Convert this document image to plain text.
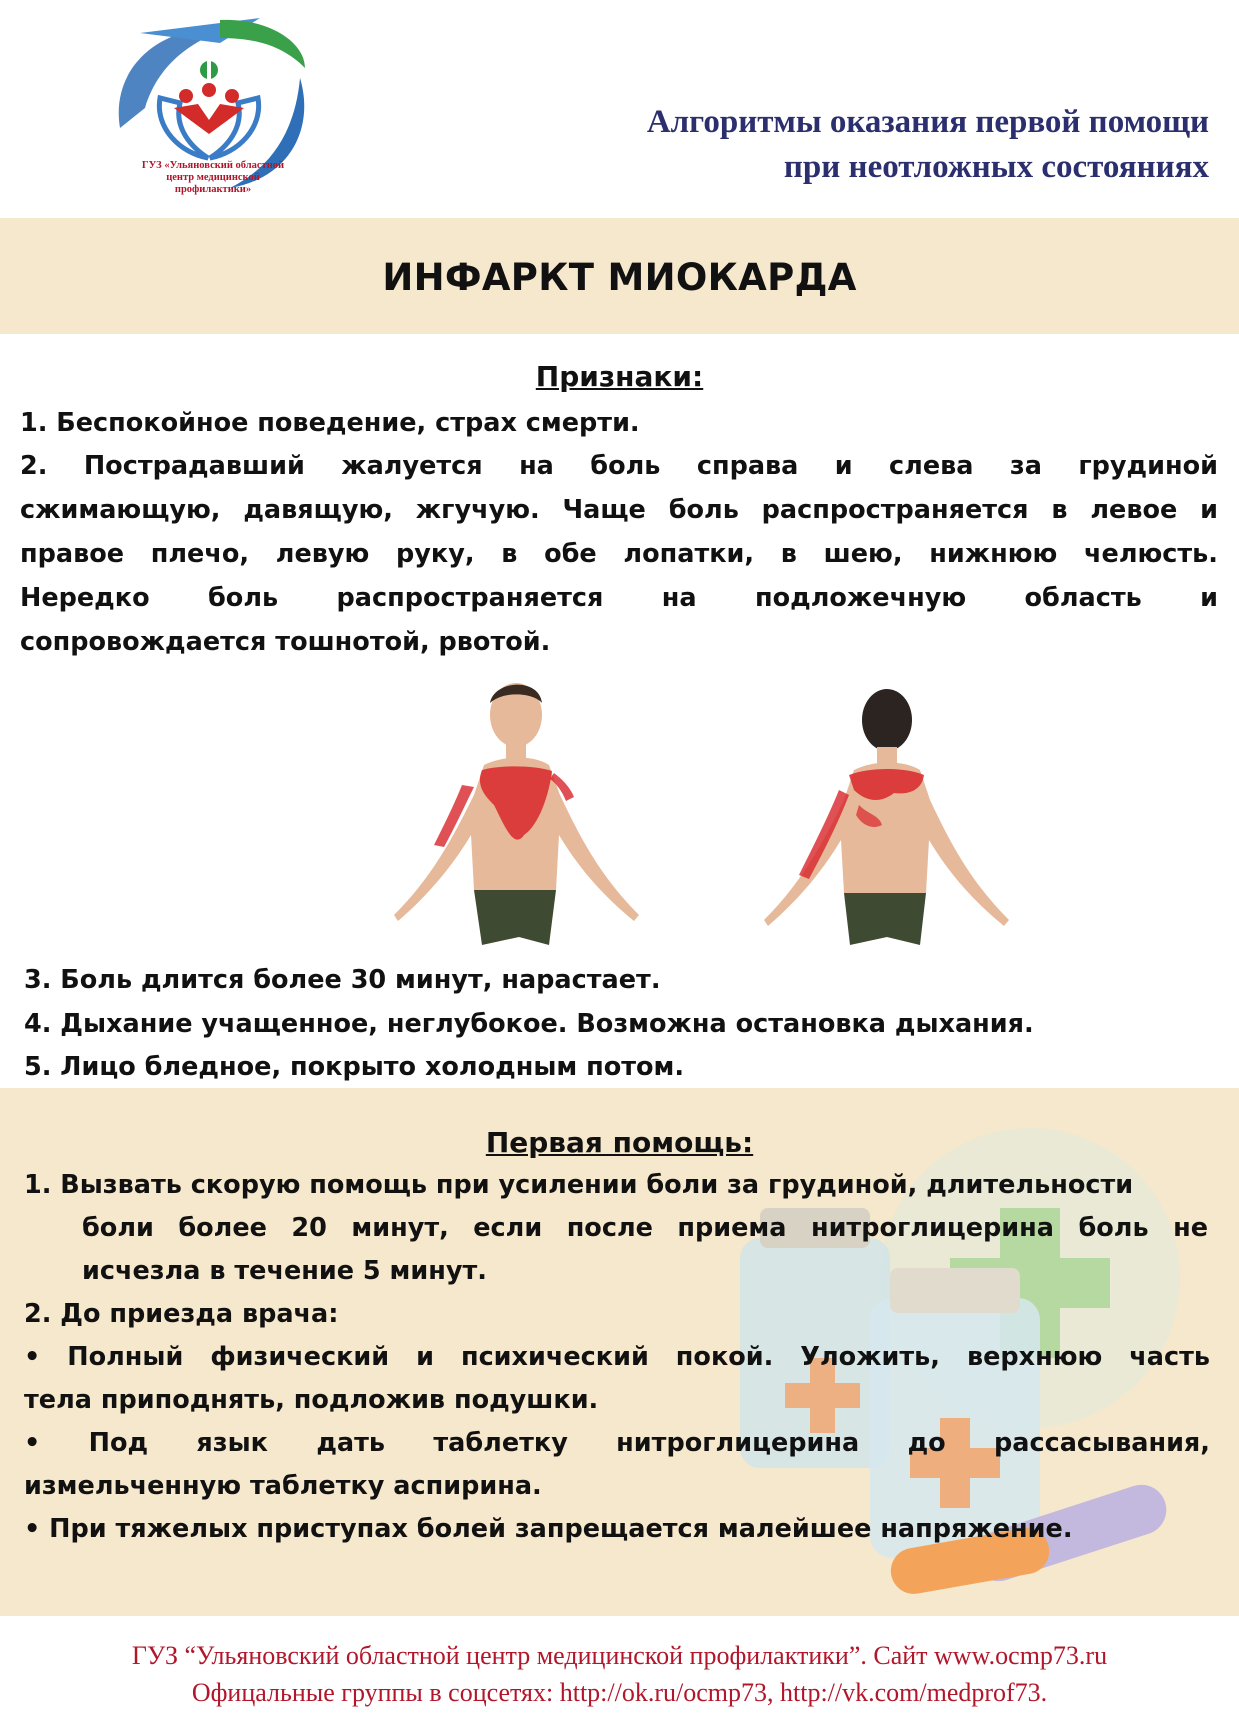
ГУЗ «Ульяновский областной
центр медицинской
профилактики»
Алгоритмы оказания первой помощи
при неотложных состояниях
ИНФАРКТ МИОКАРДА
Признаки:
1. Беспокойное поведение, страх смерти.
2. Пострадавший жалуется на боль справа и слева за грудиной
сжимающую, давящую, жгучую. Чаще боль распространяется в левое и
правое плечо, левую руку, в обе лопатки, в шею, нижнюю челюсть.
Нередко боль распространяется на подложечную область и
сопровождается тошнотой, рвотой.
3. Боль длится более 30 минут, нарастает.
4. Дыхание учащенное, неглубокое. Возможна остановка дыхания.
5. Лицо бледное, покрыто холодным потом.
Первая помощь:
1. Вызвать скорую помощь при усилении боли за грудиной, длительности
боли более 20 минут, если после приема нитроглицерина боль не
исчезла в течение 5 минут.
2. До приезда врача:
• Полный физический и психический покой. Уложить, верхнюю часть
тела приподнять, подложив подушки.
• Под язык дать таблетку нитроглицерина до рассасывания,
измельченную таблетку аспирина.
• При тяжелых приступах болей запрещается малейшее напряжение.
ГУЗ “Ульяновский областной центр медицинской профилактики”. Сайт www.ocmp73.ru
Офицальные группы в соцсетях: http://ok.ru/ocmp73, http://vk.com/medprof73.
